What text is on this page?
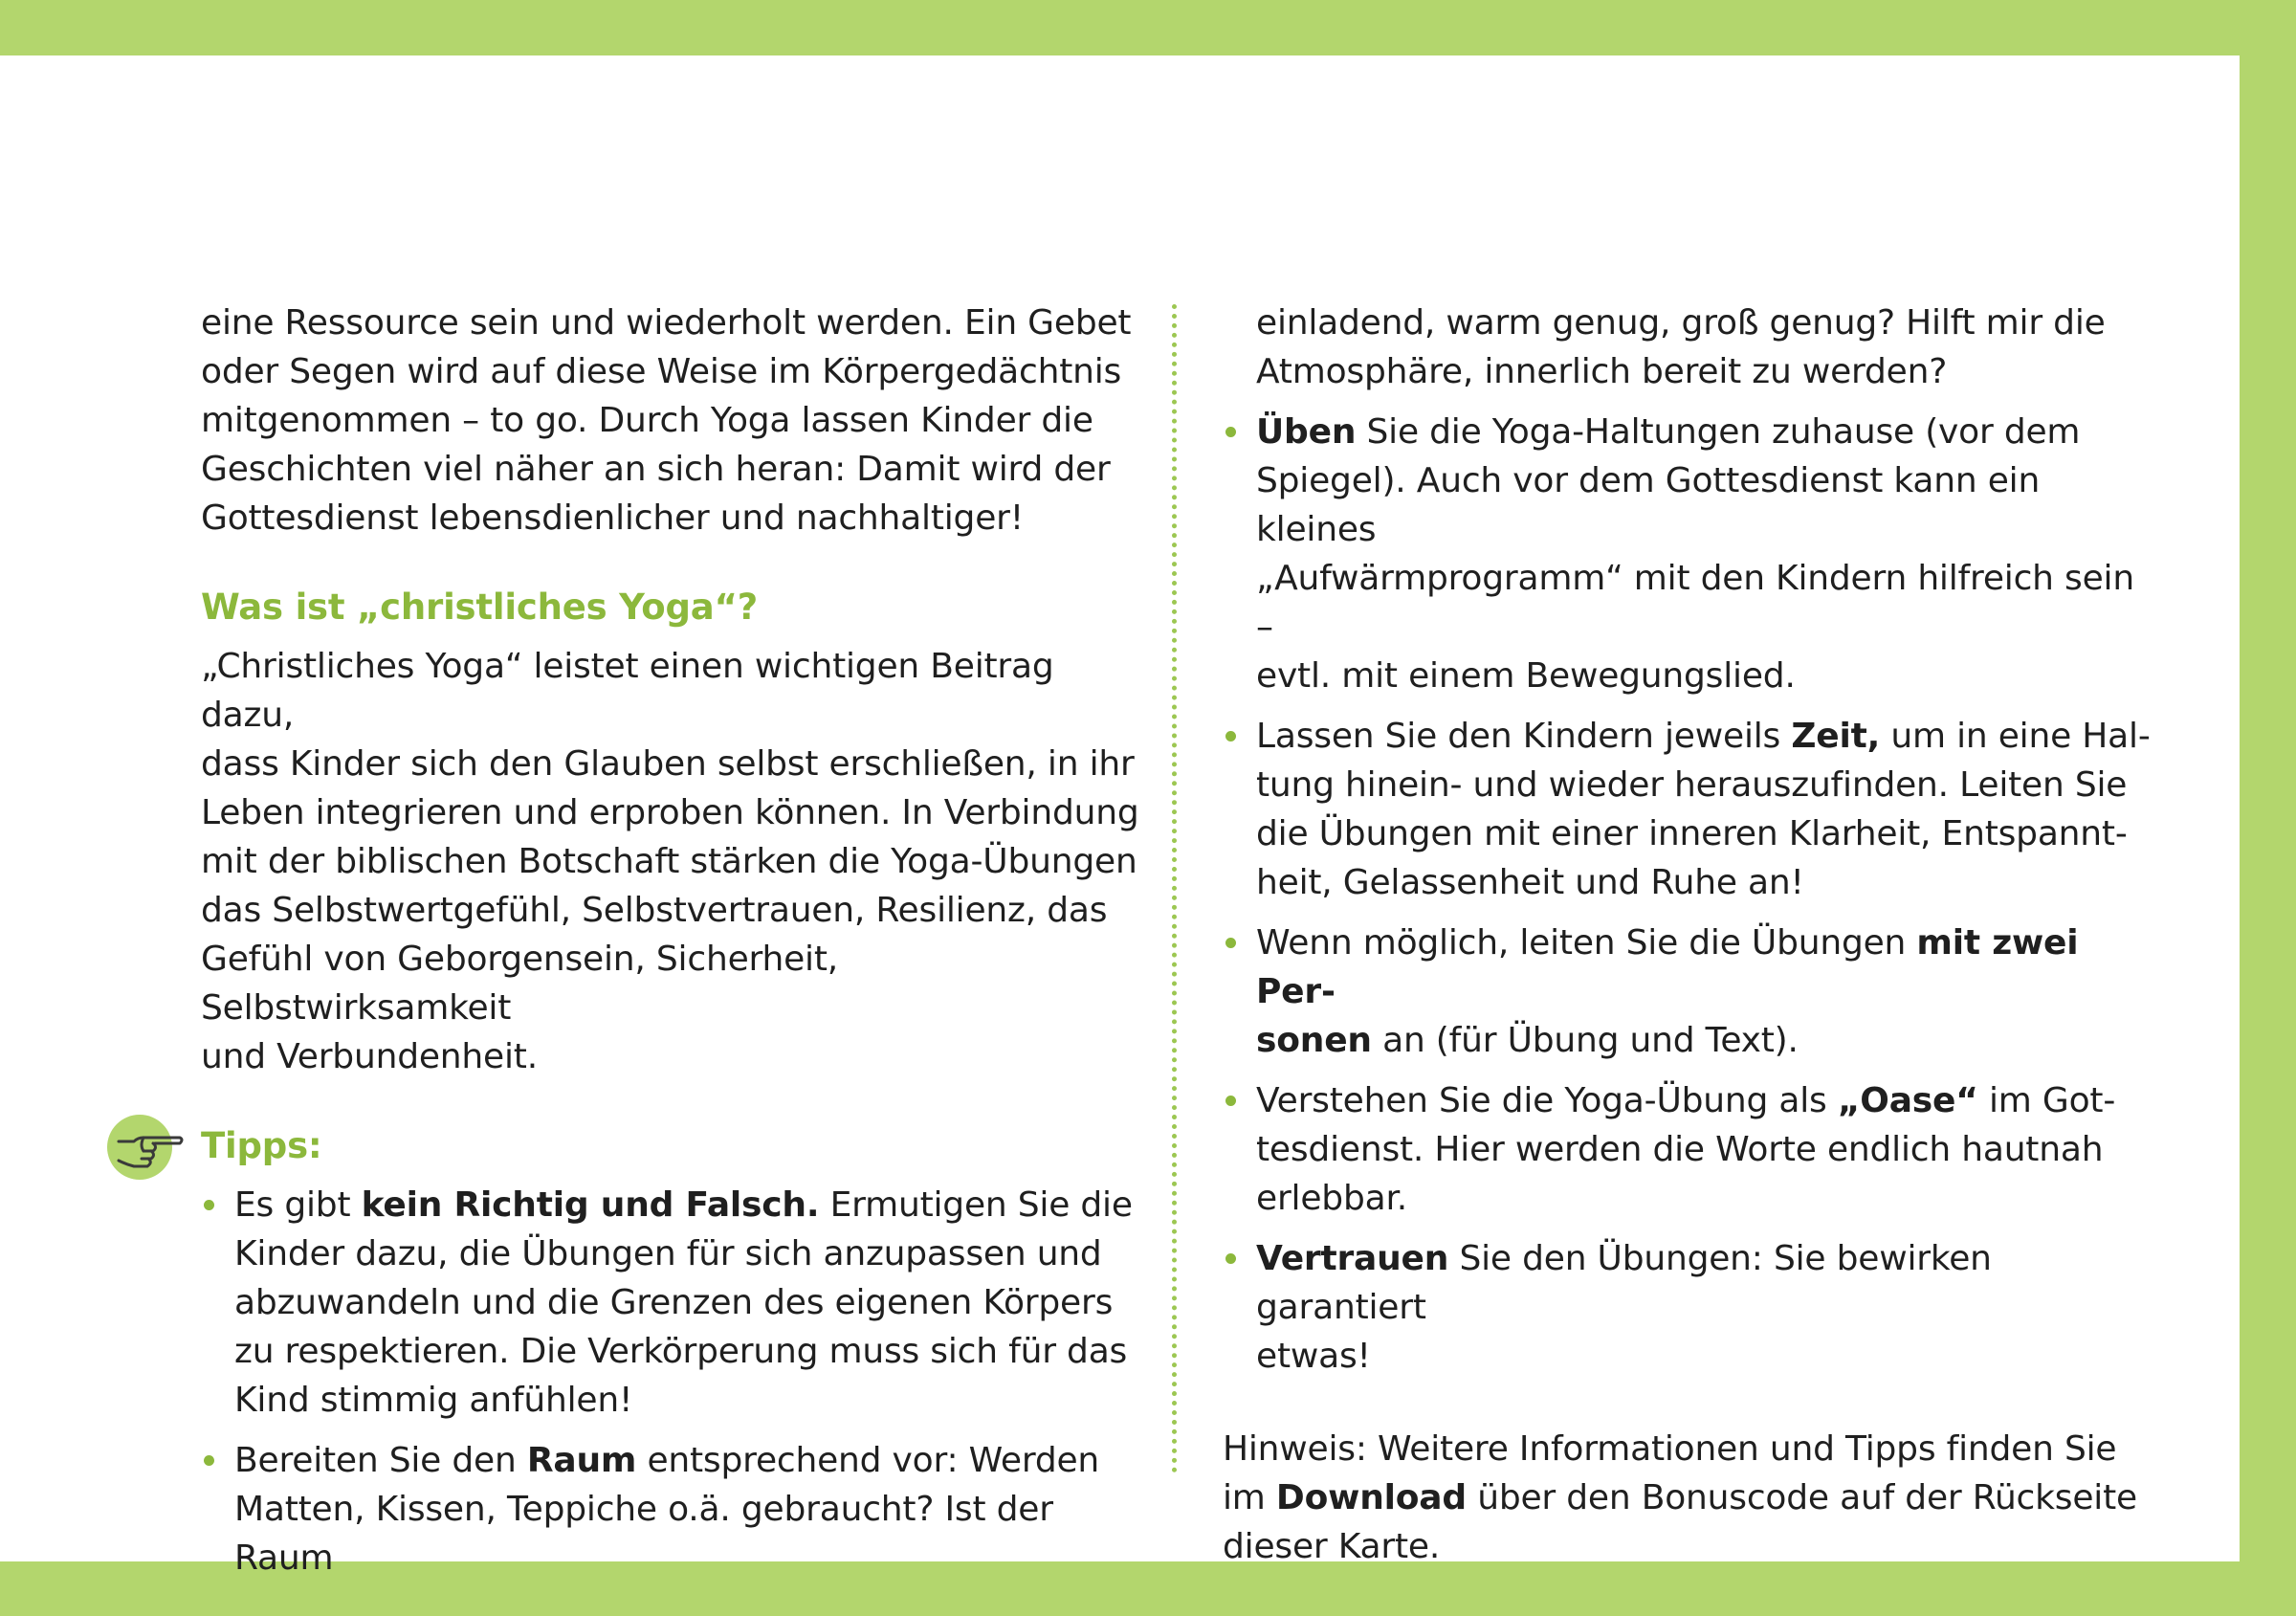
eine Ressource sein und wiederholt werden. Ein Gebet
oder Segen wird auf diese Weise im Körpergedächtnis
mitgenommen – to go. Durch Yoga lassen Kinder die
Geschichten viel näher an sich heran: Damit wird der
Gottesdienst lebensdienlicher und nachhaltiger!

Was ist „christliches Yoga“?

„Christliches Yoga“ leistet einen wichtigen Beitrag dazu,
dass Kinder sich den Glauben selbst erschließen, in ihr
Leben integrieren und erproben können. In Verbindung
mit der biblischen Botschaft stärken die Yoga-Übungen
das Selbstwertgefühl, Selbstvertrauen, Resilienz, das
Gefühl von Geborgensein, Sicherheit, Selbstwirksamkeit
und Verbundenheit.

Tipps:
Es gibt kein Richtig und Falsch. Ermutigen Sie die
Kinder dazu, die Übungen für sich anzupassen und
abzuwandeln und die Grenzen des eigenen Körpers
zu respektieren. Die Verkörperung muss sich für das
Kind stimmig anfühlen!
Bereiten Sie den Raum entsprechend vor: Werden
Matten, Kissen, Teppiche o.ä. gebraucht? Ist der Raum

einladend, warm genug, groß genug? Hilft mir die
Atmosphäre, innerlich bereit zu werden?

Üben Sie die Yoga-Haltungen zuhause (vor dem
Spiegel). Auch vor dem Gottesdienst kann ein kleines
„Aufwärmprogramm“ mit den Kindern hilfreich sein –
evtl. mit einem Bewegungslied.
Lassen Sie den Kindern jeweils Zeit, um in eine Hal-
tung hinein- und wieder herauszufinden. Leiten Sie
die Übungen mit einer inneren Klarheit, Entspannt-
heit, Gelassenheit und Ruhe an!
Wenn möglich, leiten Sie die Übungen mit zwei Per-
sonen an (für Übung und Text).
Verstehen Sie die Yoga-Übung als „Oase“ im Got-
tesdienst. Hier werden die Worte endlich hautnah
erlebbar.
Vertrauen Sie den Übungen: Sie bewirken garantiert
etwas!

Hinweis: Weitere Informationen und Tipps finden Sie
im Download über den Bonuscode auf der Rückseite
dieser Karte.
